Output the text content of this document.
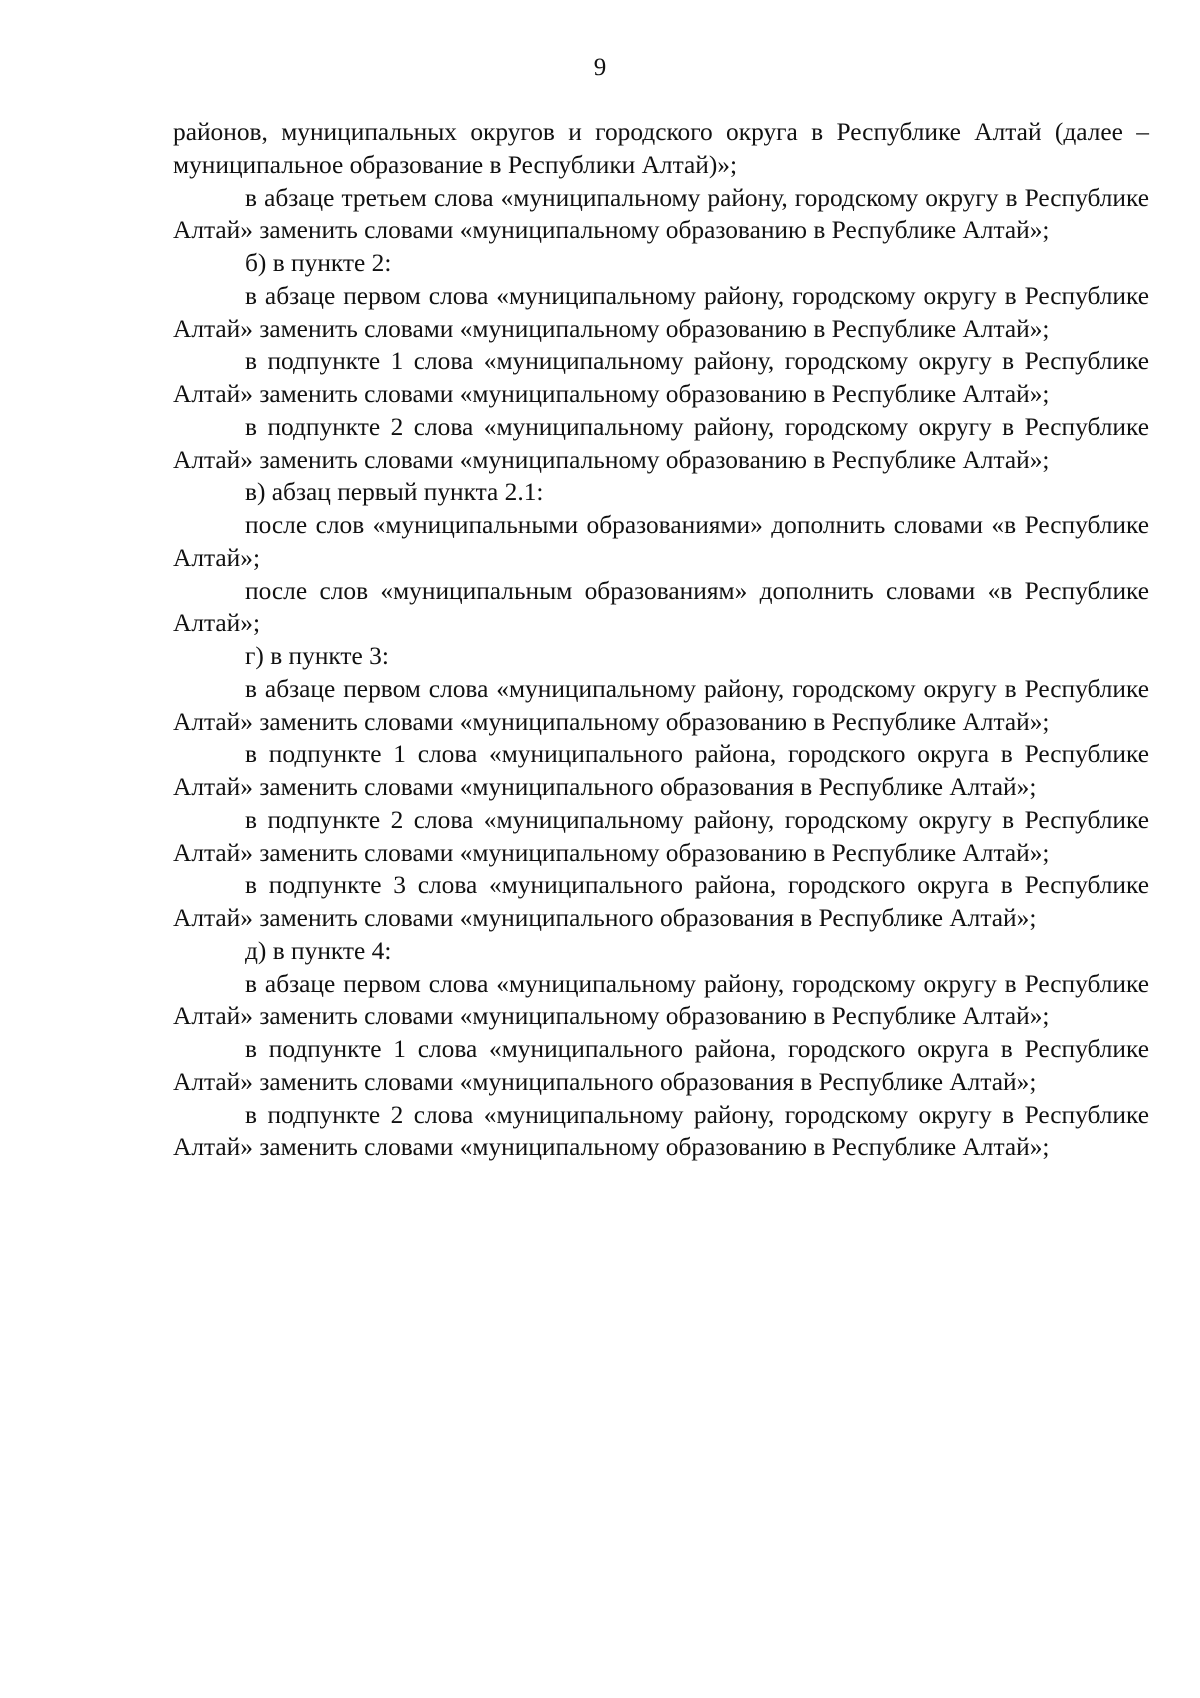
9

районов, муниципальных округов и городского округа в Республике Алтай (далее – муниципальное образование в Республики Алтай)»;

в абзаце третьем слова «муниципальному району, городскому округу в Республике Алтай» заменить словами «муниципальному образованию в Республике Алтай»;

б) в пункте 2:

в абзаце первом слова «муниципальному району, городскому округу в Республике Алтай» заменить словами «муниципальному образованию в Республике Алтай»;

в подпункте 1 слова «муниципальному району, городскому округу в Республике Алтай» заменить словами «муниципальному образованию в Республике Алтай»;

в подпункте 2 слова «муниципальному району, городскому округу в Республике Алтай» заменить словами «муниципальному образованию в Республике Алтай»;

в) абзац первый пункта 2.1:

после слов «муниципальными образованиями» дополнить словами «в Республике Алтай»;

после слов «муниципальным образованиям» дополнить словами «в Республике Алтай»;

г) в пункте 3:

в абзаце первом слова «муниципальному району, городскому округу в Республике Алтай» заменить словами «муниципальному образованию в Республике Алтай»;

в подпункте 1 слова «муниципального района, городского округа в Республике Алтай» заменить словами «муниципального образования в Республике Алтай»;

в подпункте 2 слова «муниципальному району, городскому округу в Республике Алтай» заменить словами «муниципальному образованию в Республике Алтай»;

в подпункте 3 слова «муниципального района, городского округа в Республике Алтай» заменить словами «муниципального образования в Республике Алтай»;

д) в пункте 4:

в абзаце первом слова «муниципальному району, городскому округу в Республике Алтай» заменить словами «муниципальному образованию в Республике Алтай»;

в подпункте 1 слова «муниципального района, городского округа в Республике Алтай» заменить словами «муниципального образования в Республике Алтай»;

в подпункте 2 слова «муниципальному району, городскому округу в Республике Алтай» заменить словами «муниципальному образованию в Республике Алтай»;
